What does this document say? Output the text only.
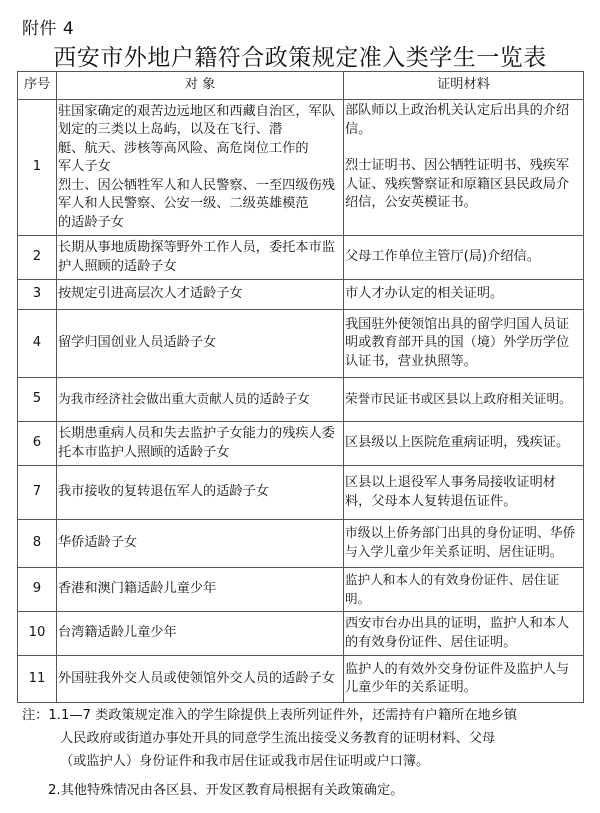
附件 4
西安市外地户籍符合政策规定准入类学生一览表
序号	对 象	证明材料
1	驻国家确定的艰苦边远地区和西藏自治区，军队划定的三类以上岛屿，以及在飞行、潜
艇、航天、涉核等高风险、高危岗位工作的
军人子女
烈士、因公牺牲军人和人民警察、一至四级伤残军人和人民警察、公安一级、二级英雄模范
的适龄子女	部队师以上政治机关认定后出具的介绍信。
烈士证明书、因公牺牲证明书、残疾军人证、残疾警察证和原籍区县民政局介绍信，公安英模证书。
2	长期从事地质勘探等野外工作人员，委托本市监护人照顾的适龄子女	父母工作单位主管厅(局)介绍信。
3	按规定引进高层次人才适龄子女	市人才办认定的相关证明。
4	留学归国创业人员适龄子女	我国驻外使领馆出具的留学归国人员证明或教育部开具的国（境）外学历学位认证书，营业执照等。
5	为我市经济社会做出重大贡献人员的适龄子女	荣誉市民证书或区县以上政府相关证明。
6	长期患重病人员和失去监护子女能力的残疾人委托本市监护人照顾的适龄子女	区县级以上医院危重病证明，残疾证。
7	我市接收的复转退伍军人的适龄子女	区县以上退役军人事务局接收证明材料，父母本人复转退伍证件。
8	华侨适龄子女	市级以上侨务部门出具的身份证明、华侨与入学儿童少年关系证明、居住证明。
9	香港和澳门籍适龄儿童少年	监护人和本人的有效身份证件、居住证明。
10	台湾籍适龄儿童少年	西安市台办出具的证明，监护人和本人的有效身份证件、居住证明。
11	外国驻我外交人员或使领馆外交人员的适龄子女	监护人的有效外交身份证件及监护人与儿童少年的关系证明。
注：1.1—7 类政策规定准入的学生除提供上表所列证件外，还需持有户籍所在地乡镇
人民政府或街道办事处开具的同意学生流出接受义务教育的证明材料、父母
（或监护人）身份证件和我市居住证或我市居住证明或户口簿。
2.其他特殊情况由各区县、开发区教育局根据有关政策确定。
